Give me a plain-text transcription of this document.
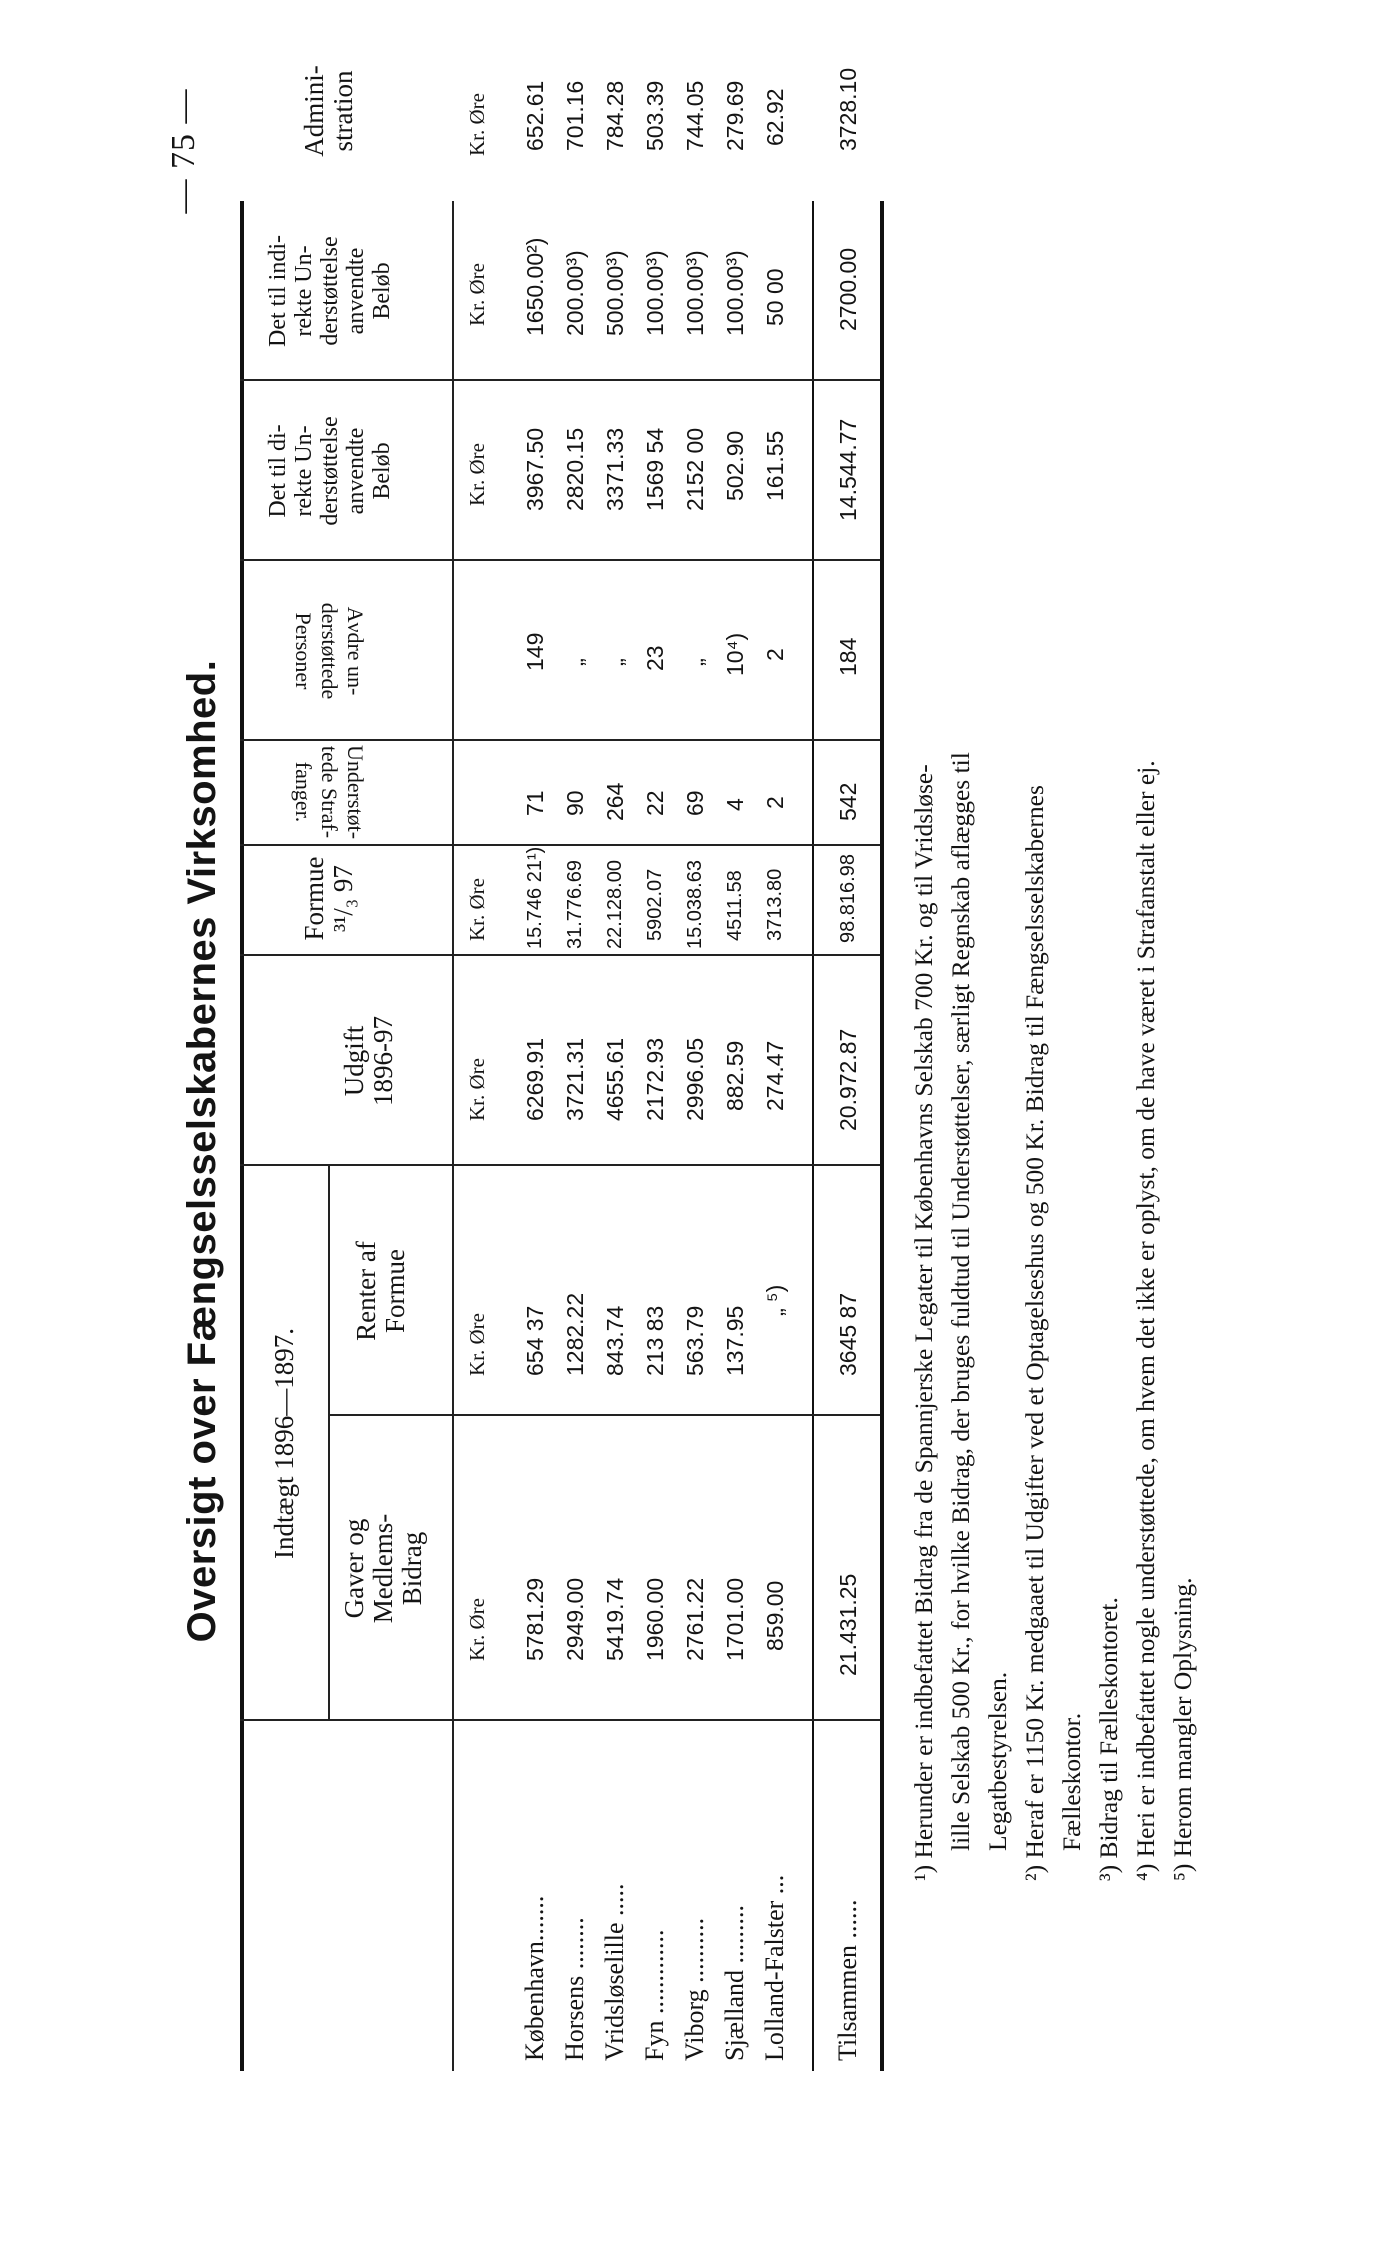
— 75 —
Oversigt over Fængselsselskabernes Virksomhed. Indtægt 1896—1897.
Gaver og Medlems- Bidrag
Renter af Formue
Udgift 1896-97
Formue ³¹/₃ 97
Understøt-
tede Straf-
fanger.
Aνdre un-
derstøttede
Personer
Det til di- rekte Un- derstøttelse anvendte Beløb
Det til indi- rekte Un- derstøttelse anvendte Beløb
Admini- stration
Kr. Øre
Kr. Øre
Kr. Øre
Kr. Øre
Kr. Øre
Kr. Øre
Kr. Øre
København.......
5781.29
654 37
6269.91
15.746 21¹)
71
149
3967.50
1650.00²)
652.61
Horsens ........
2949.00
1282.22
3721.31
31.776.69
90
„
2820.15
200.00³)
701.16
Vridsløselille .....
5419.74
843.74
4655.61
22.128.00
264
„
3371.33
500.00³)
784.28
Fyn .............
1960.00
213 83
2172.93
5902.07
22
23
1569 54
100.00³)
503.39
Viborg ..........
2761.22
563.79
2996.05
15.038.63
69
„
2152 00
100.00³)
744.05
Sjælland .........
1701.00
137.95
882.59
4511.58
4
10⁴)
502.90
100.00³)
279.69
Lolland-Falster ...
859.00
„ ⁵)
274.47
3713.80
2
2
161.55
50 00
62.92
Tilsammen ......
21.431.25
3645 87
20.972.87
98.816.98
542
184
14.544.77
2700.00
3728.10

¹) Herunder er indbefattet Bidrag fra de Spannjerske Legater til Københavns Selskab 700 Kr. og til Vridsløse- lille Selskab 500 Kr., for hvilke Bidrag, der bruges fuldtud til Understøttelser, særligt Regnskab aflægges til Legatbestyrelsen.

²) Heraf er 1150 Kr. medgaaet til Udgifter ved et Optagelseshus og 500 Kr. Bidrag til Fængselsselskabernes Fælleskontor.

³) Bidrag til Fælleskontoret.

⁴) Heri er indbefattet nogle understøttede, om hvem det ikke er oplyst, om de have været i Strafanstalt eller ej.

⁵) Herom mangler Oplysning.
